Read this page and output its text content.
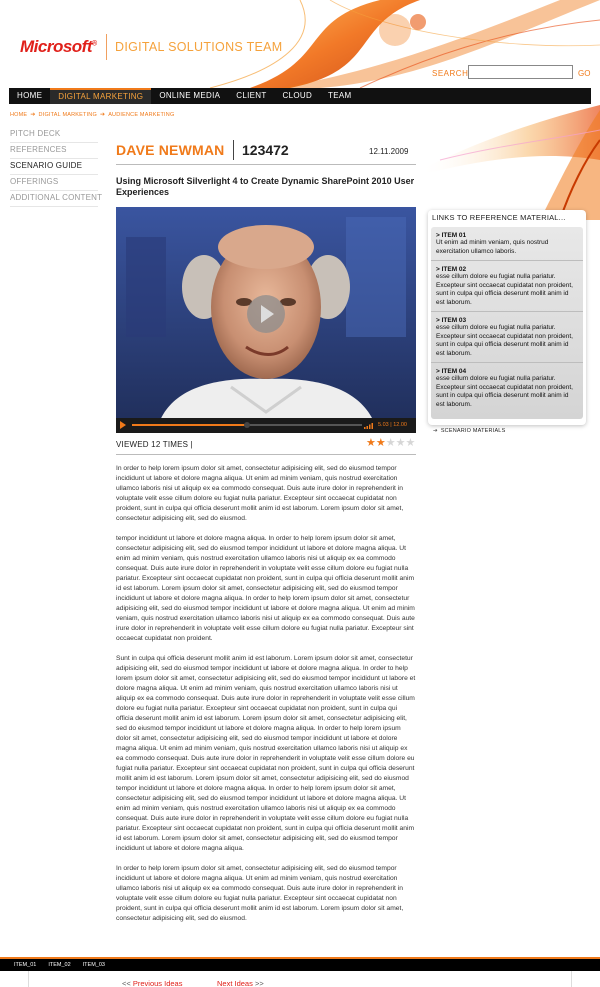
Microsoft® DIGITAL SOLUTIONS TEAM
SEARCH	GO
HOME	DIGITAL MARKETING	ONLINE MEDIA	CLIENT	CLOUD	TEAM
HOME ➔ DIGITAL MARKETING ➔ AUDIENCE MARKETING
PITCH DECK
REFERENCES
SCENARIO GUIDE
OFFERINGS
ADDITIONAL CONTENT
DAVE NEWMAN 123472	12.11.2009
Using Microsoft Silverlight 4 to Create Dynamic SharePoint 2010 User Experiences
5.03 | 12.00
VIEWED 12 TIMES |	★★★★★

In order to help lorem ipsum dolor sit amet, consectetur adipisicing elit, sed do eiusmod tempor incididunt ut labore et dolore magna aliqua. Ut enim ad minim veniam, quis nostrud exercitation ullamco laboris nisi ut aliquip ex ea commodo consequat. Duis aute irure dolor in reprehenderit in voluptate velit esse cillum dolore eu fugiat nulla pariatur. Excepteur sint occaecat cupidatat non proident, sunt in culpa qui officia deserunt mollit anim id est laborum. Lorem ipsum dolor sit amet, consectetur adipisicing elit, sed do eiusmod.

tempor incididunt ut labore et dolore magna aliqua. In order to help lorem ipsum dolor sit amet, consectetur adipisicing elit, sed do eiusmod tempor incididunt ut labore et dolore magna aliqua. Ut enim ad minim veniam, quis nostrud exercitation ullamco laboris nisi ut aliquip ex ea commodo consequat. Duis aute irure dolor in reprehenderit in voluptate velit esse cillum dolore eu fugiat nulla pariatur. Excepteur sint occaecat cupidatat non proident, sunt in culpa qui officia deserunt mollit anim id est laborum. Lorem ipsum dolor sit amet, consectetur adipisicing elit, sed do eiusmod tempor incididunt ut labore et dolore magna aliqua. In order to help lorem ipsum dolor sit amet, consectetur adipisicing elit, sed do eiusmod tempor incididunt ut labore et dolore magna aliqua. Ut enim ad minim veniam, quis nostrud exercitation ullamco laboris nisi ut aliquip ex ea commodo consequat. Duis aute irure dolor in reprehenderit in voluptate velit esse cillum dolore eu fugiat nulla pariatur. Excepteur sint occaecat cupidatat non proident.

Sunt in culpa qui officia deserunt mollit anim id est laborum. Lorem ipsum dolor sit amet, consectetur adipisicing elit, sed do eiusmod tempor incididunt ut labore et dolore magna aliqua. In order to help lorem ipsum dolor sit amet, consectetur adipisicing elit, sed do eiusmod tempor incididunt ut labore et dolore magna aliqua. Ut enim ad minim veniam, quis nostrud exercitation ullamco laboris nisi ut aliquip ex ea commodo consequat. Duis aute irure dolor in reprehenderit in voluptate velit esse cillum dolore eu fugiat nulla pariatur. Excepteur sint occaecat cupidatat non proident, sunt in culpa qui officia deserunt mollit anim id est laborum. Lorem ipsum dolor sit amet, consectetur adipisicing elit, sed do eiusmod tempor incididunt ut labore et dolore magna aliqua. In order to help lorem ipsum dolor sit amet, consectetur adipisicing elit, sed do eiusmod tempor incididunt ut labore et dolore magna aliqua. Ut enim ad minim veniam, quis nostrud exercitation ullamco laboris nisi ut aliquip ex ea commodo consequat. Duis aute irure dolor in reprehenderit in voluptate velit esse cillum dolore eu fugiat nulla pariatur. Excepteur sint occaecat cupidatat non proident, sunt in culpa qui officia deserunt mollit anim id est laborum. Lorem ipsum dolor sit amet, consectetur adipisicing elit, sed do eiusmod tempor incididunt ut labore et dolore magna aliqua. In order to help lorem ipsum dolor sit amet, consectetur adipisicing elit, sed do eiusmod tempor incididunt ut labore et dolore magna aliqua. Ut enim ad minim veniam, quis nostrud exercitation ullamco laboris nisi ut aliquip ex ea commodo consequat. Duis aute irure dolor in reprehenderit in voluptate velit esse cillum dolore eu fugiat nulla pariatur. Excepteur sint occaecat cupidatat non proident, sunt in culpa qui officia deserunt mollit anim id est laborum. Lorem ipsum dolor sit amet, consectetur adipisicing elit, sed do eiusmod tempor incididunt ut labore et dolore magna aliqua.

In order to help lorem ipsum dolor sit amet, consectetur adipisicing elit, sed do eiusmod tempor incididunt ut labore et dolore magna aliqua. Ut enim ad minim veniam, quis nostrud exercitation ullamco laboris nisi ut aliquip ex ea commodo consequat. Duis aute irure dolor in reprehenderit in voluptate velit esse cillum dolore eu fugiat nulla pariatur. Excepteur sint occaecat cupidatat non proident, sunt in culpa qui officia deserunt mollit anim id est laborum. Lorem ipsum dolor sit amet, consectetur adipisicing elit, sed do eiusmod.

LINKS TO REFERENCE MATERIAL...
> ITEM 01
Ut enim ad minim veniam, quis nostrud exercitation ullamco laboris.
> ITEM 02
esse cillum dolore eu fugiat nulla pariatur. Excepteur sint occaecat cupidatat non proident, sunt in culpa qui officia deserunt mollit anim id est laborum.
> ITEM 03
esse cillum dolore eu fugiat nulla pariatur. Excepteur sint occaecat cupidatat non proident, sunt in culpa qui officia deserunt mollit anim id est laborum.
> ITEM 04
esse cillum dolore eu fugiat nulla pariatur. Excepteur sint occaecat cupidatat non proident, sunt in culpa qui officia deserunt mollit anim id est laborum.
➔ SCENARIO MATERIALS
ITEM_01 ITEM_02 ITEM_03
<< Previous Ideas	Next Ideas >>
